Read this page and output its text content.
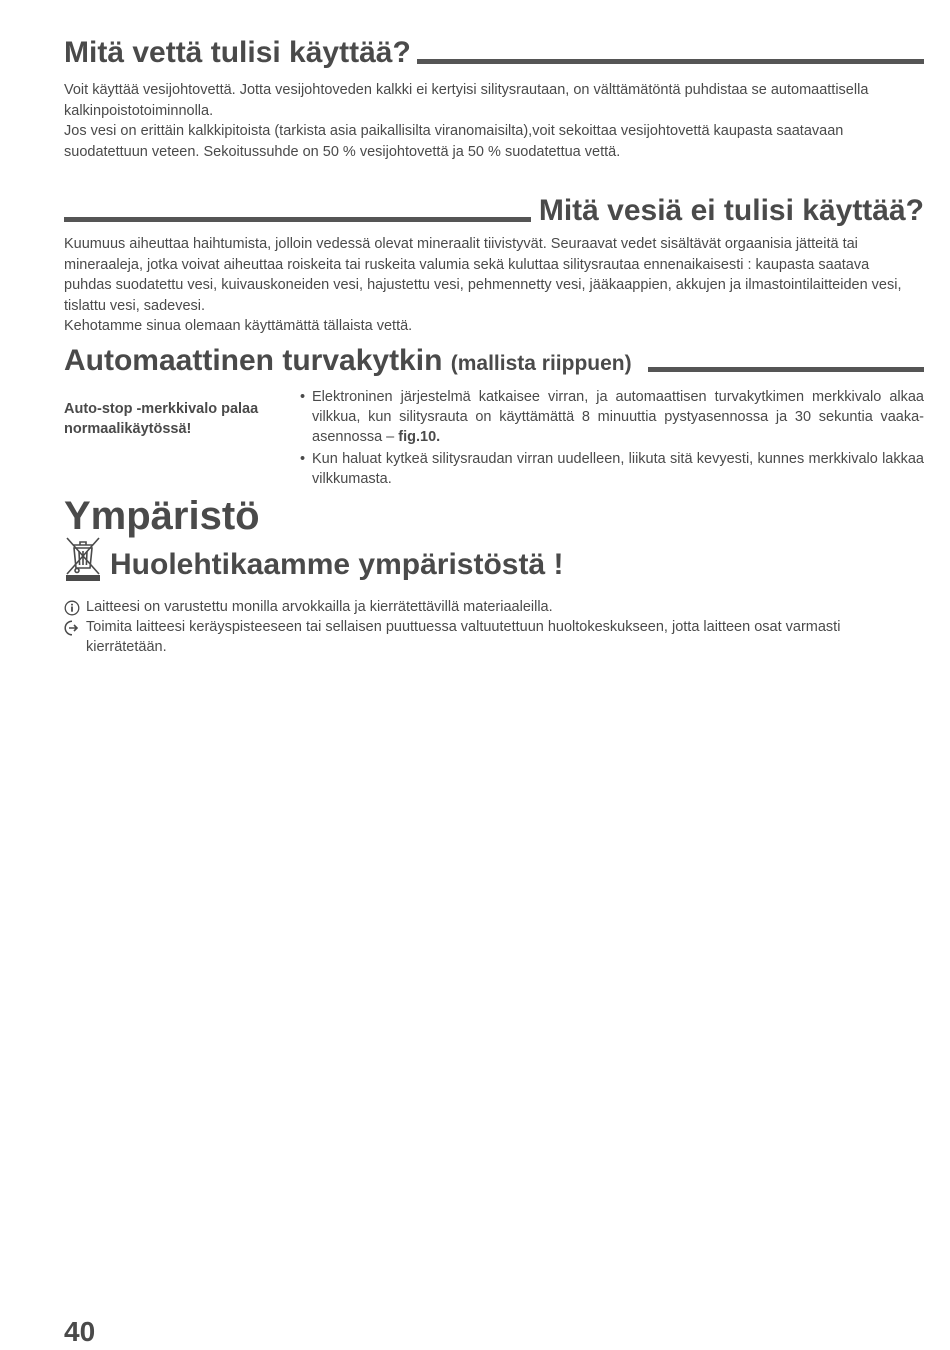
Mitä vettä tulisi käyttää?
Voit käyttää vesijohtovettä. Jotta vesijohtoveden kalkki ei kertyisi silitysrautaan, on välttämätöntä puhdistaa se automaattisella kalkinpoistotoiminnolla.
Jos vesi on erittäin kalkkipitoista (tarkista asia paikallisilta viranomaisilta),voit sekoittaa vesijohtovettä kaupasta saatavaan
suodatettuun veteen. Sekoitussuhde on 50 % vesijohtovettä ja 50 % suodatettua vettä.
Mitä vesiä ei tulisi käyttää?
Kuumuus aiheuttaa haihtumista, jolloin vedessä olevat mineraalit tiivistyvät. Seuraavat vedet sisältävät orgaanisia jätteitä tai mineraaleja, jotka voivat aiheuttaa roiskeita tai ruskeita valumia sekä kuluttaa silitysrautaa ennenaikaisesti : kaupasta saatava puhdas suodatettu vesi, kuivauskoneiden vesi, hajustettu vesi, pehmennetty vesi, jääkaappien, akkujen ja ilmastointilaitteiden vesi, tislattu vesi, sadevesi.
Kehotamme sinua olemaan käyttämättä tällaista vettä.
Automaattinen turvakytkin (mallista riippuen)
Auto-stop -merkkivalo palaa normaalikäytössä!
• Elektroninen järjestelmä katkaisee virran, ja automaattisen turvakytkimen merkkivalo alkaa vilkkua, kun silitysrauta on käyttämättä 8 minuuttia pystyasennossa ja 30 sekuntia vaaka-asennossa – fig.10.
• Kun haluat kytkeä silitysraudan virran uudelleen, liikuta sitä kevyesti, kunnes merkkivalo lakkaa vilkkumasta.
Ympäristö
Huolehtikaamme ympäristöstä !
Laitteesi on varustettu monilla arvokkailla ja kierrätettävillä materiaaleilla.
Toimita laitteesi keräyspisteeseen tai sellaisen puuttuessa valtuutettuun huoltokeskukseen, jotta laitteen osat varmasti kierrätetään.
40
